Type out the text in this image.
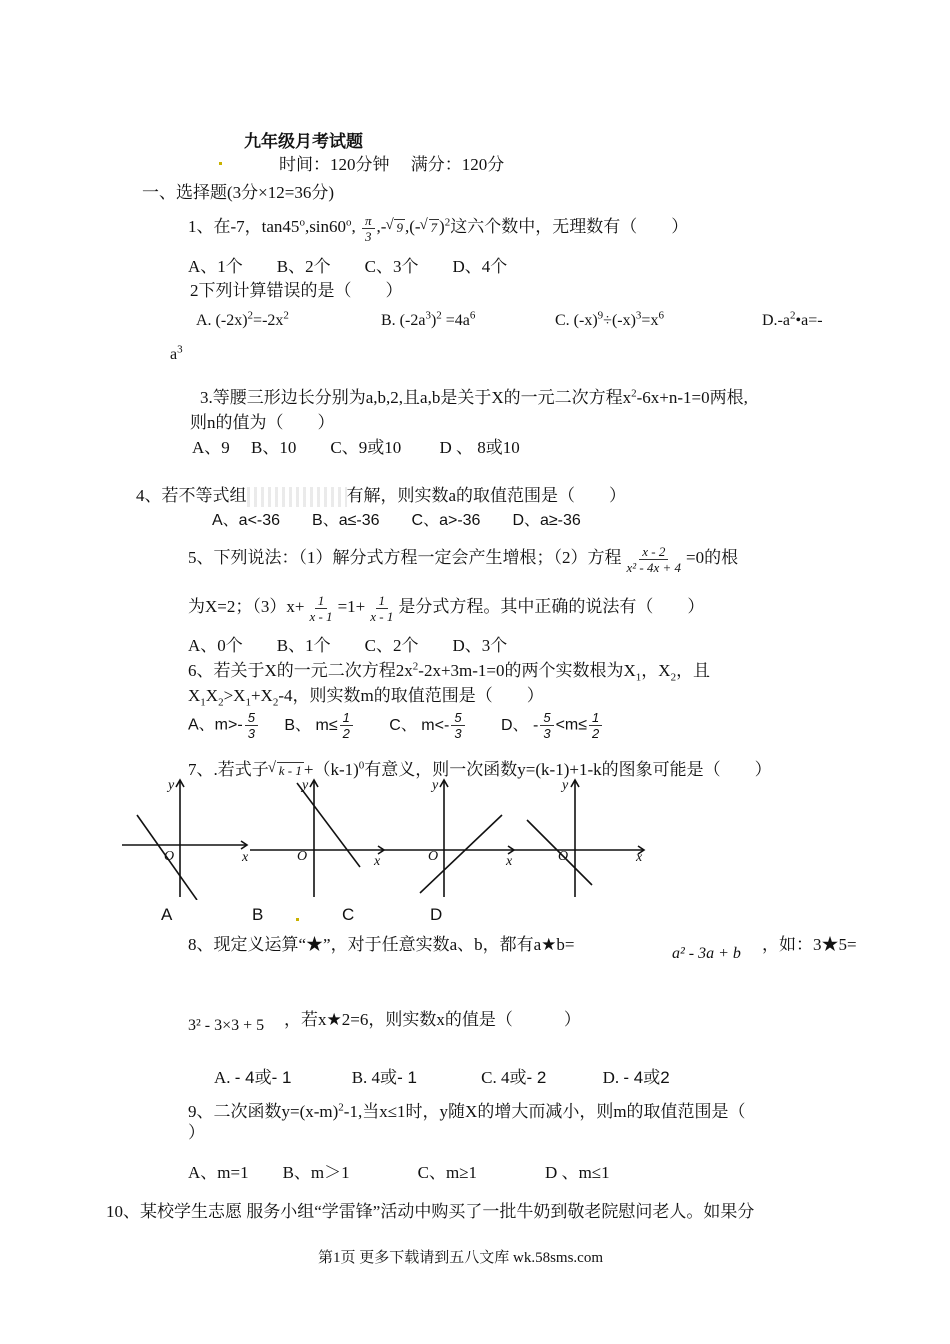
九年级月考试题
时间：120分钟　 满分：120分
一、选择题(3分×12=36分)
1、在-7，tan45$^o$,sin60$^o$, $\frac{\pi}{3}$ ,- √ 9 ,(- √ 7 )$^2$这六个数中，无理数有（　　）
A、1个　　B、2个　　C、3个　　D、4个
2下列计算错误的是（　　）
A. $(-2x)^2=-2x^2$	B. $(-2a^3)^2 =4a^6$	C. $(-x)^9\div(-x)^3=x^6$	$D.-a^2•a=-$
$a^3$
3.等腰三形边长分别为a,b,2,且a,b是关于X的一元二次方程$x^2-6x+n-1=0$两根,
则n的值为（　　）
A、9　 B、10　　C、9或10　　 D 、 8或10
4、若不等式组	有解，则实数a的取值范围是（　　）
A、a<-36　　B、a≤-36　　C、a>-36　　D、a≥-36
5、下列说法：（1）解分式方程一定会产生增根；（2）方程 $\frac{x - 2}{\text{x² - 4x + 4}} =0$的根
为X=2；$(3)x+ \frac{1}{x - 1} =1+ \frac{1}{x - 1}$ 是分式方程。其中正确的说法有（　　）
A、0个　　B、1个　　C、2个　　D、3个
6、若关于X的一元二次方程$2x^2-2x+3m-1=0$的两个实数根为$X_1$，$X_2$，且
$X_1X_2>X_1+X_2-4$，则实数m的取值范围是（　　）
A、$m>- \frac{5}{3}$ B、 $m\le \frac{1}{2}$ C、 $m<- \frac{5}{3}$ D、 - $\frac{5}{3} <m\le \frac{1}{2}$
7、.若式子 √ k - 1 +（k-1)$^0$有意义，则一次函数y=(k-1)+1-k的图象可能是（　　）
y
O	x
y
O	x
y
O	x
y
O	x
A	B	C	D
8、现定义运算“★”，对于任意实数a、b，都有a★b=	a² - 3a + b ，如：3★5=
3² - 3×3 + 5 ，若x★2=6，则实数x的值是（　　　）
A. - 4或- 1	B. 4或- 1	C. 4或- 2	D. - 4或2
9、二次函数$y=(x-m)^2-1$,当x≤1时，y随X的增大而减小，则m的取值范围是（
）
A、m=1　　B、m＞1　　　　C、m≥1　　　　D 、m≤1
10、某校学生志愿 服务小组“学雷锋”活动中购买了一批牛奶到敬老院慰问老人。如果分
第1页 更多下载请到五八文库 wk.58sms.com
